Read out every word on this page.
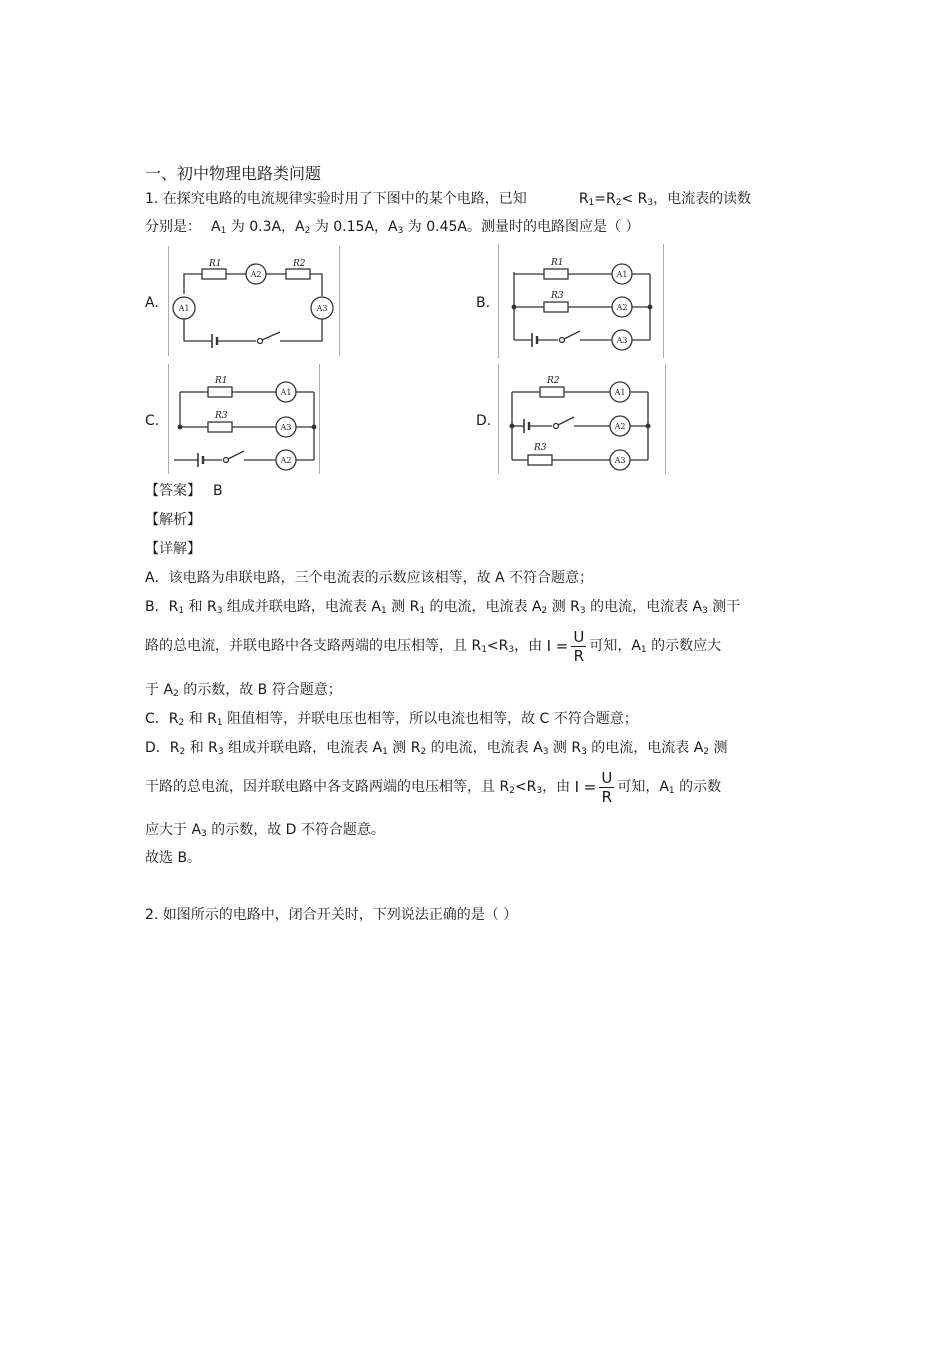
一、初中物理电路类问题
1. 在探究电路的电流规律实验时用了下图中的某个电路，已知	$R_1=R_2< R_3$，电流表的读数
分别是： $A_1$ 为 0.3A，$A_2$ 为 0.15A，$A_3$ 为 0.45A。测量时的电路图应是（ ）
A.	B.
C.	D.
R1	R2
A2
A1	A3
R1
R3
A1
A2
A3
R1
R3
A1
A3
A2
R2
R3
A1
A2
A3
【答案】 B
【解析】
【详解】
A．该电路为串联电路，三个电流表的示数应该相等，故 A 不符合题意；
B．$R_1$ 和 $R_3$ 组成并联电路，电流表 $A_1$ 测 $R_1$ 的电流，电流表 $A_2$ 测 $R_3$ 的电流，电流表 $A_3$ 测干
路的总电流，并联电路中各支路两端的电压相等，且 $R_1<R_3$，由 $I = \frac{U}{R}$ 可知，$A_1$ 的示数应大
于 $A_2$ 的示数，故 B 符合题意；
C．$R_2$ 和 $R_1$ 阻值相等，并联电压也相等，所以电流也相等，故 C 不符合题意；
D．$R_2$ 和 $R_3$ 组成并联电路，电流表 $A_1$ 测 $R_2$ 的电流，电流表 $A_3$ 测 $R_3$ 的电流，电流表 $A_2$ 测
干路的总电流，因并联电路中各支路两端的电压相等，且 $R_2<R_3$，由 $I = \frac{U}{R}$ 可知，$A_1$ 的示数
应大于 $A_3$ 的示数，故 D 不符合题意。
故选 B。
2. 如图所示的电路中，闭合开关时，下列说法正确的是（ ）
